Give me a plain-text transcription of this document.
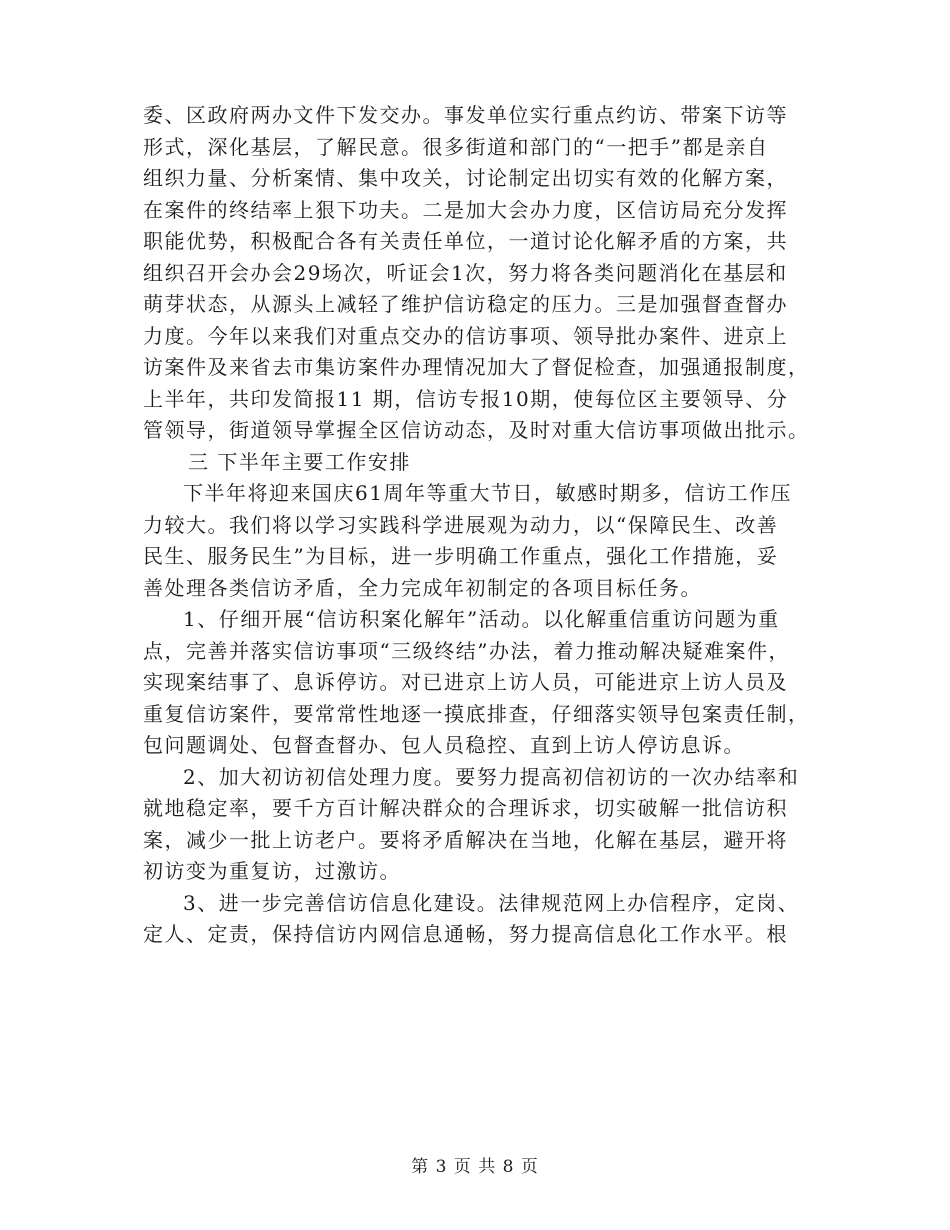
委、区政府两办文件下发交办。事发单位实行重点约访、带案下访等
形式，深化基层，了解民意。很多街道和部门的“一把手”都是亲自
组织力量、分析案情、集中攻关，讨论制定出切实有效的化解方案，
在案件的终结率上狠下功夫。二是加大会办力度，区信访局充分发挥
职能优势，积极配合各有关责任单位，一道讨论化解矛盾的方案，共
组织召开会办会29场次，听证会1次，努力将各类问题消化在基层和
萌芽状态，从源头上减轻了维护信访稳定的压力。三是加强督查督办
力度。今年以来我们对重点交办的信访事项、领导批办案件、进京上
访案件及来省去市集访案件办理情况加大了督促检查，加强通报制度，
上半年，共印发简报11 期，信访专报10期，使每位区主要领导、分
管领导，街道领导掌握全区信访动态，及时对重大信访事项做出批示。

三 下半年主要工作安排

下半年将迎来国庆61周年等重大节日，敏感时期多，信访工作压
力较大。我们将以学习实践科学进展观为动力，以“保障民生、改善
民生、服务民生”为目标，进一步明确工作重点，强化工作措施，妥
善处理各类信访矛盾，全力完成年初制定的各项目标任务。

1、仔细开展“信访积案化解年”活动。以化解重信重访问题为重
点，完善并落实信访事项“三级终结”办法，着力推动解决疑难案件，
实现案结事了、息诉停访。对已进京上访人员，可能进京上访人员及
重复信访案件，要常常性地逐一摸底排查，仔细落实领导包案责任制，
包问题调处、包督查督办、包人员稳控、直到上访人停访息诉。

2、加大初访初信处理力度。要努力提高初信初访的一次办结率和
就地稳定率，要千方百计解决群众的合理诉求，切实破解一批信访积
案，减少一批上访老户。要将矛盾解决在当地，化解在基层，避开将
初访变为重复访，过激访。

3、进一步完善信访信息化建设。法律规范网上办信程序，定岗、
定人、定责，保持信访内网信息通畅，努力提高信息化工作水平。根

第 3 页 共 8 页
